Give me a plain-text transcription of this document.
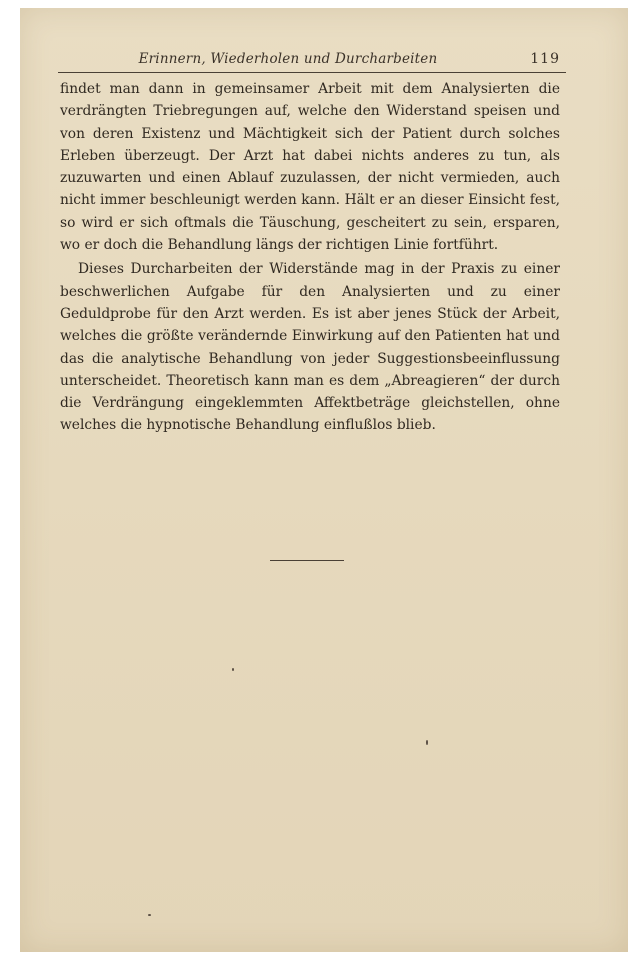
Erinnern, Wiederholen und Durcharbeiten	119

findet man dann in gemeinsamer Arbeit mit dem Analysierten die verdrängten Triebregungen auf, welche den Widerstand speisen und von deren Existenz und Mächtigkeit sich der Patient durch solches Erleben überzeugt. Der Arzt hat dabei nichts anderes zu tun, als zuzuwarten und einen Ablauf zuzulassen, der nicht vermieden, auch nicht immer beschleunigt werden kann. Hält er an dieser Einsicht fest, so wird er sich oftmals die Täuschung, gescheitert zu sein, ersparen, wo er doch die Behandlung längs der richtigen Linie fortführt.

Dieses Durcharbeiten der Widerstände mag in der Praxis zu einer beschwerlichen Aufgabe für den Analysierten und zu einer Geduldprobe für den Arzt werden. Es ist aber jenes Stück der Arbeit, welches die größte verändernde Einwirkung auf den Patienten hat und das die analytische Behandlung von jeder Suggestionsbeeinflussung unterscheidet. Theoretisch kann man es dem „Abreagieren“ der durch die Verdrängung eingeklemmten Affektbeträge gleichstellen, ohne welches die hypnotische Behandlung einflußlos blieb.
